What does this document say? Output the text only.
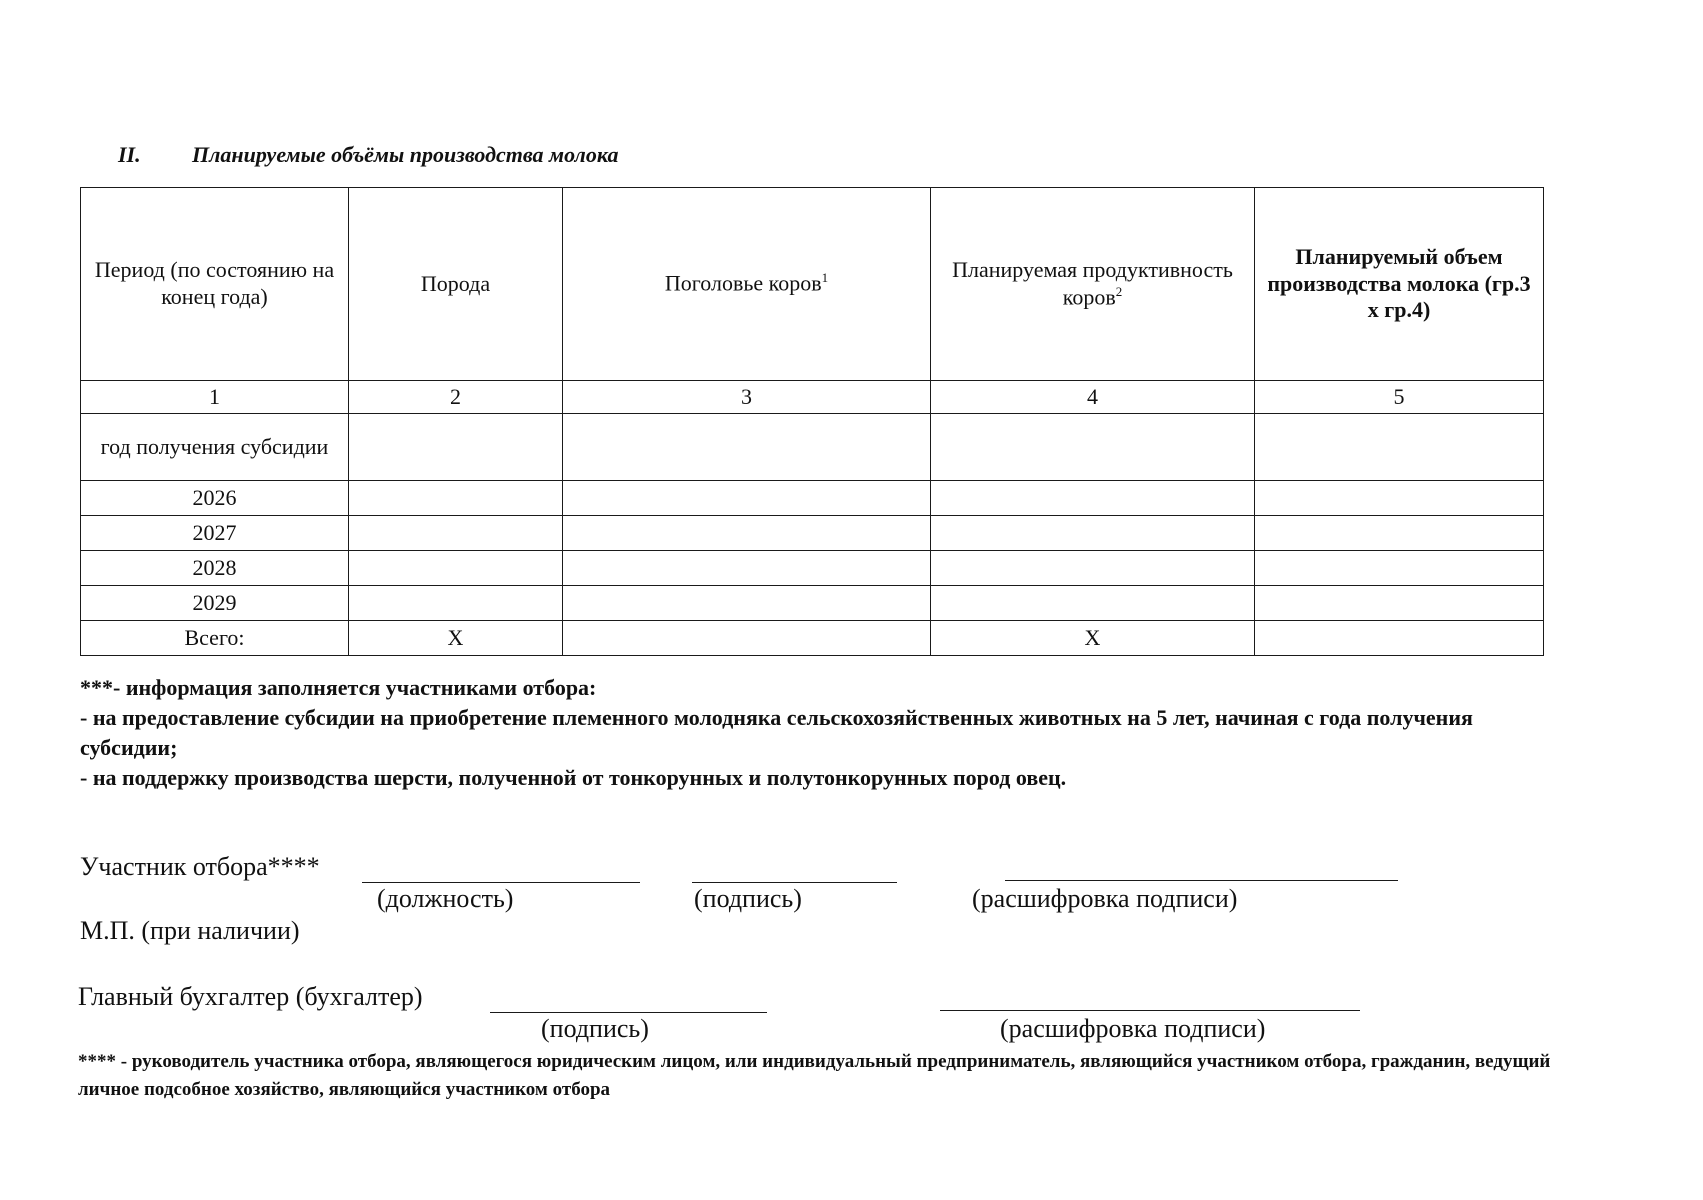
II. Планируемые объёмы производства молока
Период (по состоянию на конец года)	Порода	Поголовье коров$^1$	Планируемая продуктивность коров$^2$	Планируемый объем производства молока (гр.3 x гр.4)
1	2	3	4	5
год получения субсидии				
2026				
2027				
2028				
2029				
Всего:	X		X	

***- информация заполняется участниками отбора:

- на предоставление субсидии на приобретение племенного молодняка сельскохозяйственных животных на 5 лет, начиная с года получения субсидии;

- на поддержку производства шерсти, полученной от тонкорунных и полутонкорунных пород овец.

Участник отбора****
(должность)	(подпись)	(расшифровка подписи)
М.П. (при наличии)
Главный бухгалтер (бухгалтер)
(подпись)	(расшифровка подписи)

**** - руководитель участника отбора, являющегося юридическим лицом, или индивидуальный предприниматель, являющийся участником отбора, гражданин, ведущий личное подсобное хозяйство, являющийся участником отбора
